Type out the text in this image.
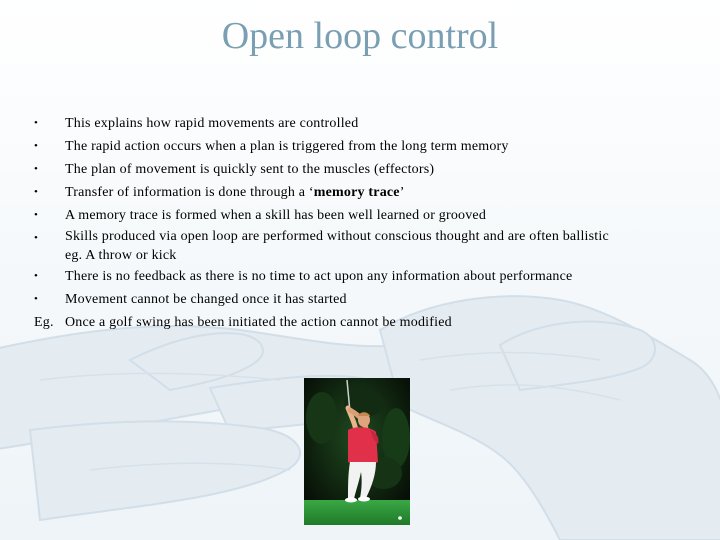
Open loop control
•	This explains how rapid movements are controlled
•	The rapid action occurs when a plan is triggered from the long term memory
•	The plan of movement is quickly sent to the muscles (effectors)
•	Transfer of information is done through a ‘memory trace’
•	A memory trace is formed when a skill has been well learned or grooved
•	Skills produced via open loop are performed without conscious thought and are often ballistic
eg. A throw or kick
•	There is no feedback as there is no time to act upon any information about performance
•	Movement cannot be changed once it has started
Eg. Once a golf swing has been initiated the action cannot be modified
